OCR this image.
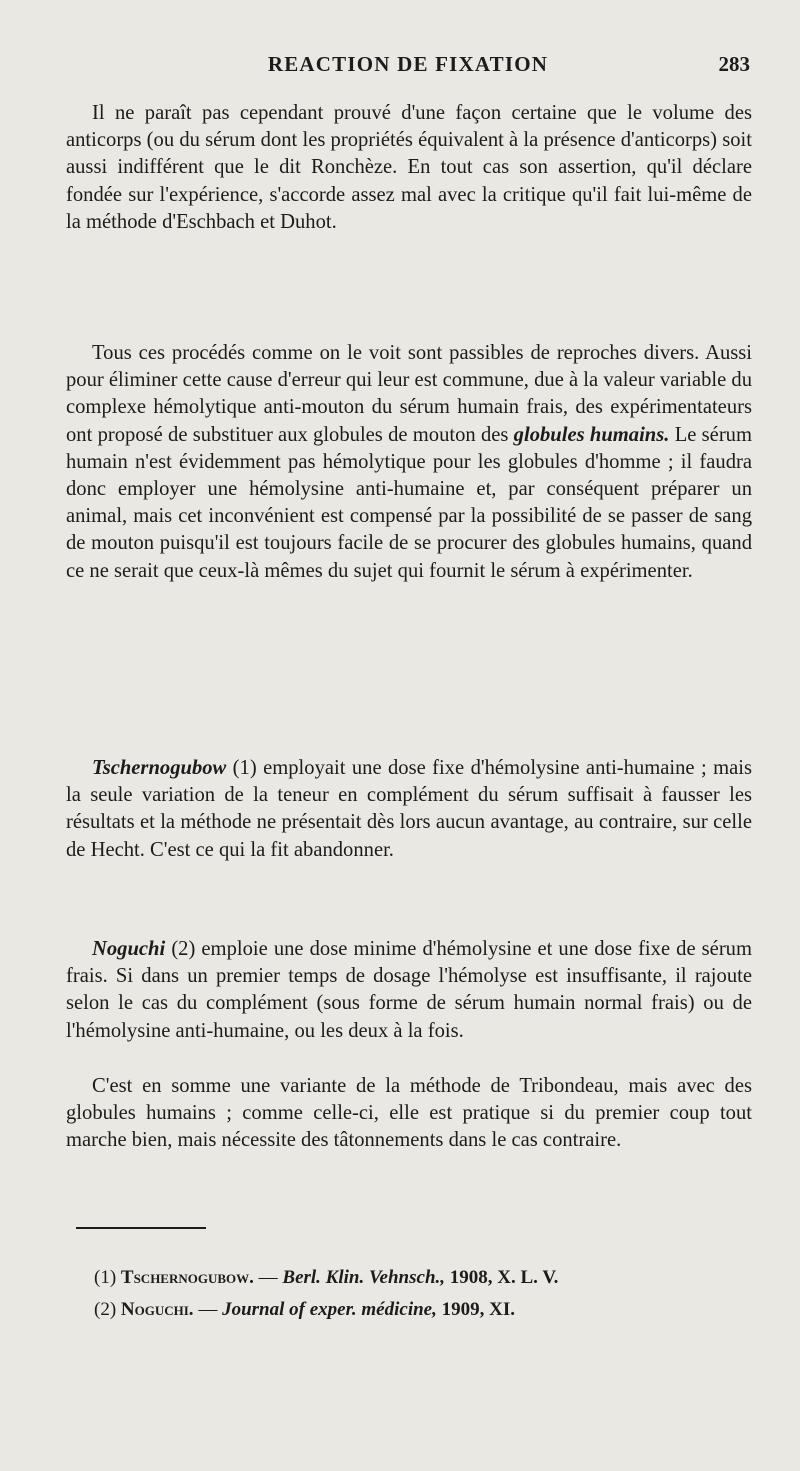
REACTION DE FIXATION	283

Il ne paraît pas cependant prouvé d'une façon certaine que le volume des anticorps (ou du sérum dont les propriétés équivalent à la présence d'anticorps) soit aussi indifférent que le dit Ronchèze. En tout cas son assertion, qu'il déclare fondée sur l'expérience, s'accorde assez mal avec la critique qu'il fait lui-même de la méthode d'Eschbach et Duhot.

Tous ces procédés comme on le voit sont passibles de reproches divers. Aussi pour éliminer cette cause d'erreur qui leur est commune, due à la valeur variable du complexe hémolytique anti-mouton du sérum humain frais, des expérimentateurs ont proposé de substituer aux globules de mouton des globules humains. Le sérum humain n'est évidemment pas hémolytique pour les globules d'homme ; il faudra donc employer une hémolysine anti-humaine et, par conséquent préparer un animal, mais cet inconvénient est compensé par la possibilité de se passer de sang de mouton puisqu'il est toujours facile de se procurer des globules humains, quand ce ne serait que ceux-là mêmes du sujet qui fournit le sérum à expérimenter.

Tschernogubow (1) employait une dose fixe d'hémolysine anti-humaine ; mais la seule variation de la teneur en complément du sérum suffisait à fausser les résultats et la méthode ne présentait dès lors aucun avantage, au contraire, sur celle de Hecht. C'est ce qui la fit abandonner.

Noguchi (2) emploie une dose minime d'hémolysine et une dose fixe de sérum frais. Si dans un premier temps de dosage l'hémolyse est insuffisante, il rajoute selon le cas du complément (sous forme de sérum humain normal frais) ou de l'hémolysine anti-humaine, ou les deux à la fois.

C'est en somme une variante de la méthode de Tribondeau, mais avec des globules humains ; comme celle-ci, elle est pratique si du premier coup tout marche bien, mais nécessite des tâtonnements dans le cas contraire.

(1) Tschernogubow. — Berl. Klin. Vehnsch., 1908, X. L. V.

(2) Noguchi. — Journal of exper. médicine, 1909, XI.
